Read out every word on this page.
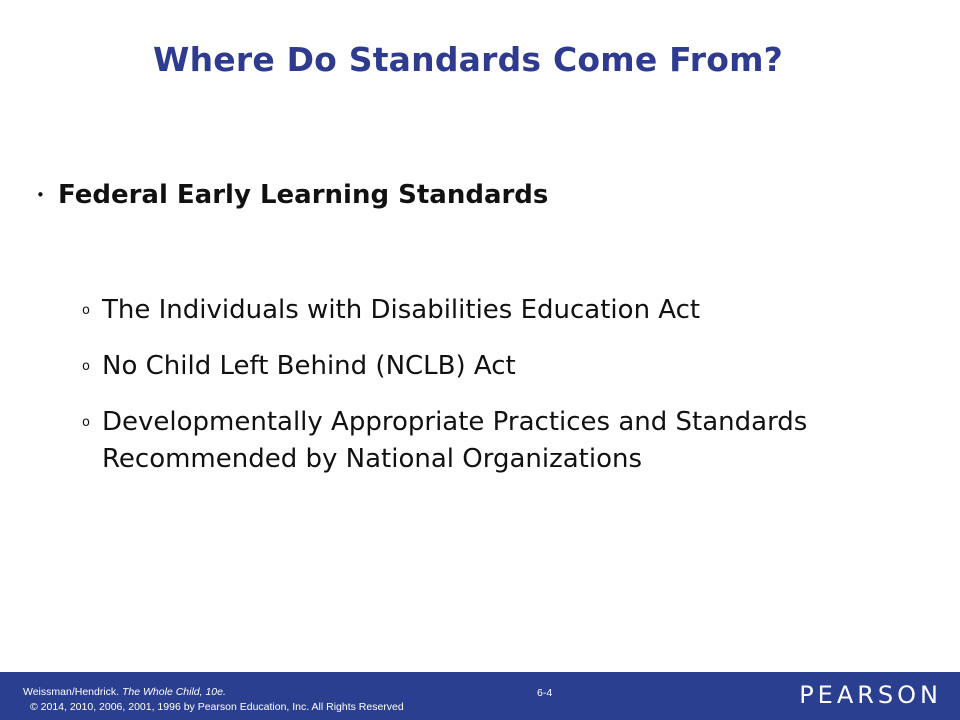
Where Do Standards Come From?
• Federal Early Learning Standards
o The Individuals with Disabilities Education Act
o No Child Left Behind (NCLB) Act
o Developmentally Appropriate Practices and Standards Recommended by National Organizations
Weissman/Hendrick. The Whole Child, 10e.
© 2014, 2010, 2006, 2001, 1996 by Pearson Education, Inc. All Rights Reserved
6-4	PEARSON
